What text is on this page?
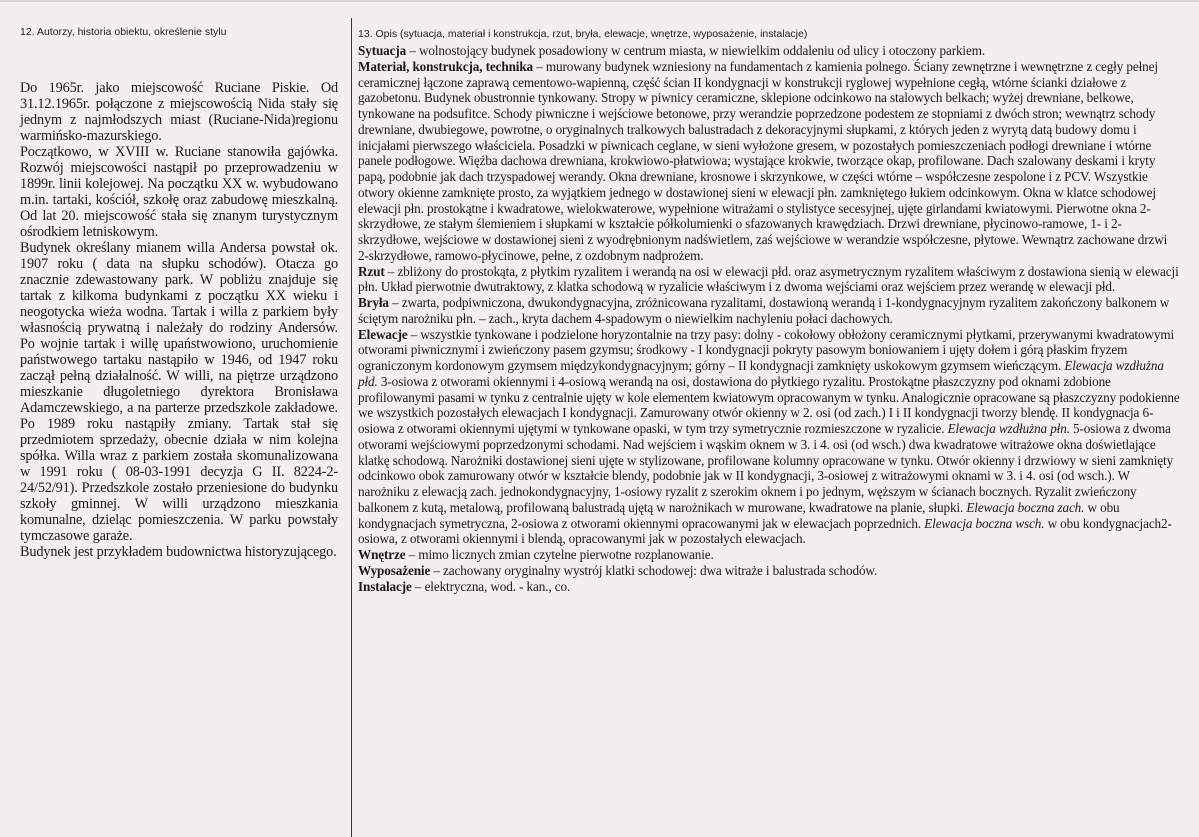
12. Autorzy, historia obiektu, określenie stylu

Do 1965r. jako miejscowość Ruciane Piskie. Od 31.12.1965r. połączone z miejscowością Nida stały się jednym z najmłodszych miast (Ruciane-Nida)regionu warmińsko-mazurskiego.

Początkowo, w XVIII w. Ruciane stanowiła gajówka. Rozwój miejscowości nastąpił po przeprowadzeniu w 1899r. linii kolejowej. Na początku XX w. wybudowano m.in. tartaki, kościół, szkołę oraz zabudowę mieszkalną. Od lat 20. miejscowość stała się znanym turystycznym ośrodkiem letniskowym.

Budynek określany mianem willa Andersa powstał ok. 1907 roku ( data na słupku schodów). Otacza go znacznie zdewastowany park. W pobliżu znajduje się tartak z kilkoma budynkami z początku XX wieku i neogotycka wieża wodna. Tartak i willa z parkiem były własnością prywatną i należały do rodziny Andersów. Po wojnie tartak i willę upaństwowiono, uruchomienie państwowego tartaku nastąpiło w 1946, od 1947 roku zaczął pełną działalność. W willi, na piętrze urządzono mieszkanie długoletniego dyrektora Bronisława Adamczewskiego, a na parterze przedszkole zakładowe. Po 1989 roku nastąpiły zmiany. Tartak stał się przedmiotem sprzedaży, obecnie działa w nim kolejna spółka. Willa wraz z parkiem została skomunalizowana w 1991 roku ( 08-03-1991 decyzja G II. 8224-2-24/52/91). Przedszkole zostało przeniesione do budynku szkoły gminnej. W willi urządzono mieszkania komunalne, dzieląc pomieszczenia. W parku powstały tymczasowe garaże.

Budynek jest przykładem budownictwa historyzującego.

13. Opis (sytuacja, materiał i konstrukcja, rzut, bryła, elewacje, wnętrze, wyposażenie, instalacje)

Sytuacja – wolnostojący budynek posadowiony w centrum miasta, w niewielkim oddaleniu od ulicy i otoczony parkiem.

Materiał, konstrukcja, technika – murowany budynek wzniesiony na fundamentach z kamienia polnego. Ściany zewnętrzne i wewnętrzne z cegły pełnej ceramicznej łączone zaprawą cementowo-wapienną, część ścian II kondygnacji w konstrukcji ryglowej wypełnione cegłą, wtórne ścianki działowe z gazobetonu. Budynek obustronnie tynkowany. Stropy w piwnicy ceramiczne, sklepione odcinkowo na stalowych belkach; wyżej drewniane, belkowe, tynkowane na podsufitce. Schody piwniczne i wejściowe betonowe, przy werandzie poprzedzone podestem ze stopniami z dwóch stron; wewnątrz schody drewniane, dwubiegowe, powrotne, o oryginalnych tralkowych balustradach z dekoracyjnymi słupkami, z których jeden z wyrytą datą budowy domu i inicjałami pierwszego właściciela. Posadzki w piwnicach ceglane, w sieni wyłożone gresem, w pozostałych pomieszczeniach podłogi drewniane i wtórne panele podłogowe. Więźba dachowa drewniana, krokwiowo-płatwiowa; wystające krokwie, tworzące okap, profilowane. Dach szalowany deskami i kryty papą, podobnie jak dach trzyspadowej werandy. Okna drewniane, krosnowe i skrzynkowe, w części wtórne – współczesne zespolone i z PCV. Wszystkie otwory okienne zamknięte prosto, za wyjątkiem jednego w dostawionej sieni w elewacji płn. zamkniętego łukiem odcinkowym. Okna w klatce schodowej elewacji płn. prostokątne i kwadratowe, wielokwaterowe, wypełnione witrażami o stylistyce secesyjnej, ujęte girlandami kwiatowymi. Pierwotne okna 2-skrzydłowe, ze stałym ślemieniem i słupkami w kształcie półkolumienki o sfazowanych krawędziach. Drzwi drewniane, płycinowo-ramowe, 1- i 2-skrzydłowe, wejściowe w dostawionej sieni z wyodrębnionym nadświetlem, zaś wejściowe w werandzie współczesne, płytowe. Wewnątrz zachowane drzwi 2-skrzydłowe, ramowo-płycinowe, pełne, z ozdobnym nadprożem.

Rzut – zbliżony do prostokąta, z płytkim ryzalitem i werandą na osi w elewacji płd. oraz asymetrycznym ryzalitem właściwym z dostawiona sienią w elewacji płn. Układ pierwotnie dwutraktowy, z klatka schodową w ryzalicie właściwym i z dwoma wejściami oraz wejściem przez werandę w elewacji płd.

Bryła – zwarta, podpiwniczona, dwukondygnacyjna, zróżnicowana ryzalitami, dostawioną werandą i 1-kondygnacyjnym ryzalitem zakończony balkonem w ściętym narożniku płn. – zach., kryta dachem 4-spadowym o niewielkim nachyleniu połaci dachowych.

Elewacje – wszystkie tynkowane i podzielone horyzontalnie na trzy pasy: dolny - cokołowy obłożony ceramicznymi płytkami, przerywanymi kwadratowymi otworami piwnicznymi i zwieńczony pasem gzymsu; środkowy - I kondygnacji pokryty pasowym boniowaniem i ujęty dołem i górą płaskim fryzem ograniczonym kordonowym gzymsem międzykondygnacyjnym; górny – II kondygnacji zamknięty uskokowym gzymsem wieńczącym. Elewacja wzdłużna płd. 3-osiowa z otworami okiennymi i 4-osiową werandą na osi, dostawiona do płytkiego ryzalitu. Prostokątne płaszczyzny pod oknami zdobione profilowanymi pasami w tynku z centralnie ujęty w kole elementem kwiatowym opracowanym w tynku. Analogicznie opracowane są płaszczyzny podokienne we wszystkich pozostałych elewacjach I kondygnacji. Zamurowany otwór okienny w 2. osi (od zach.) I i II kondygnacji tworzy blendę. II kondygnacja 6-osiowa z otworami okiennymi ujętymi w tynkowane opaski, w tym trzy symetrycznie rozmieszczone w ryzalicie. Elewacja wzdłużna płn. 5-osiowa z dwoma otworami wejściowymi poprzedzonymi schodami. Nad wejściem i wąskim oknem w 3. i 4. osi (od wsch.) dwa kwadratowe witrażowe okna doświetlające klatkę schodową. Narożniki dostawionej sieni ujęte w stylizowane, profilowane kolumny opracowane w tynku. Otwór okienny i drzwiowy w sieni zamknięty odcinkowo obok zamurowany otwór w kształcie blendy, podobnie jak w II kondygnacji, 3-osiowej z witrażowymi oknami w 3. i 4. osi (od wsch.). W narożniku z elewacją zach. jednokondygnacyjny, 1-osiowy ryzalit z szerokim oknem i po jednym, węższym w ścianach bocznych. Ryzalit zwieńczony balkonem z kutą, metalową, profilowaną balustradą ujętą w narożnikach w murowane, kwadratowe na planie, słupki. Elewacja boczna zach. w obu kondygnacjach symetryczna, 2-osiowa z otworami okiennymi opracowanymi jak w elewacjach poprzednich. Elewacja boczna wsch. w obu kondygnacjach2-osiowa, z otworami okiennymi i blendą, opracowanymi jak w pozostałych elewacjach.

Wnętrze – mimo licznych zmian czytelne pierwotne rozplanowanie.

Wyposażenie – zachowany oryginalny wystrój klatki schodowej: dwa witraże i balustrada schodów.

Instalacje – elektryczna, wod. - kan., co.
